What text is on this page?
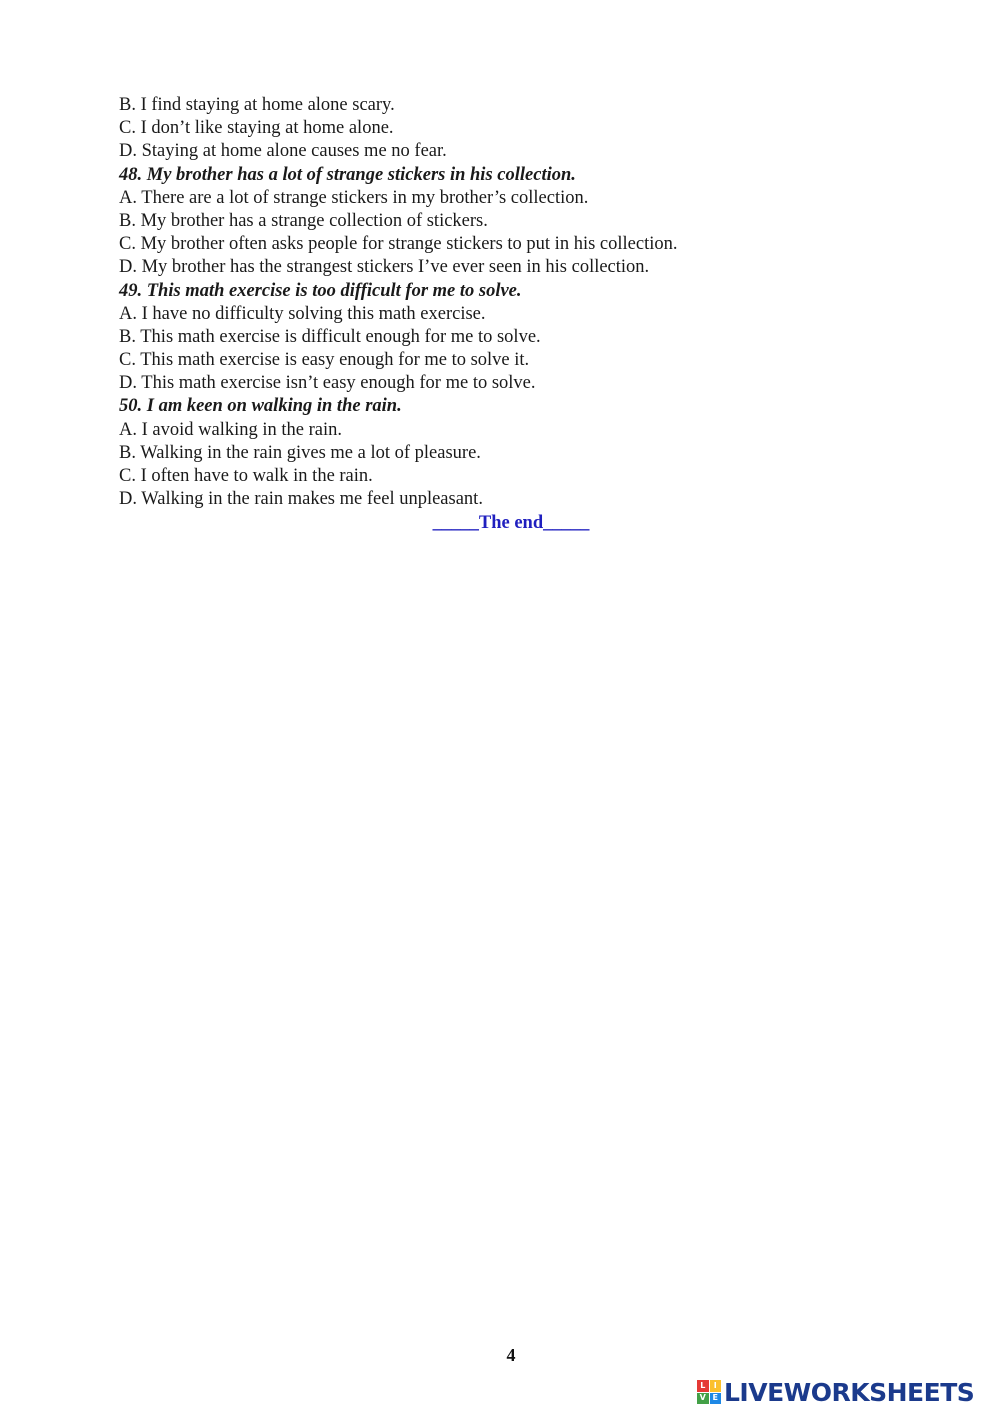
B. I find staying at home alone scary.
C. I don’t like staying at home alone.
D. Staying at home alone causes me no fear.
48. My brother has a lot of strange stickers in his collection.
A. There are a lot of strange stickers in my brother’s collection.
B. My brother has a strange collection of stickers.
C. My brother often asks people for strange stickers to put in his collection.
D. My brother has the strangest stickers I’ve ever seen in his collection.
49. This math exercise is too difficult for me to solve.
A. I have no difficulty solving this math exercise.
B. This math exercise is difficult enough for me to solve.
C. This math exercise is easy enough for me to solve it.
D. This math exercise isn’t easy enough for me to solve.
50. I am keen on walking in the rain.
A. I avoid walking in the rain.
B. Walking in the rain gives me a lot of pleasure.
C. I often have to walk in the rain.
D. Walking in the rain makes me feel unpleasant.
_____The end_____
4
L	I
V E LIVEWORKSHEETS
